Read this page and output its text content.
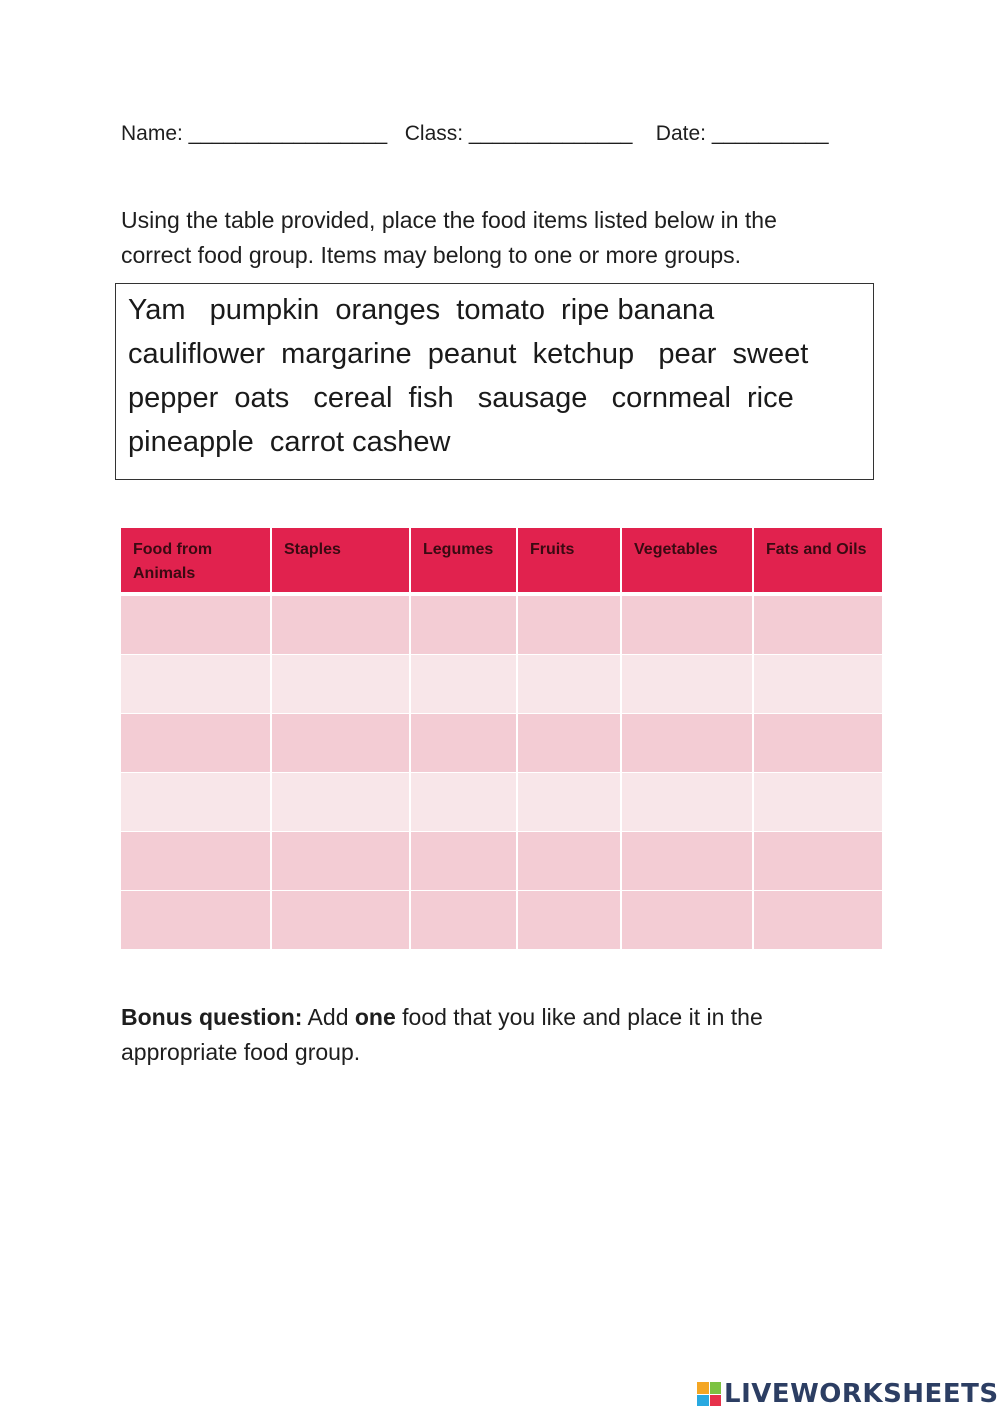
Name: _________________ Class: ______________ Date: __________
Using the table provided, place the food items listed below in the
correct food group. Items may belong to one or more groups.
Yam   pumpkin  oranges  tomato  ripe banana
cauliflower  margarine  peanut  ketchup   pear  sweet
pepper  oats   cereal  fish   sausage   cornmeal  rice
pineapple  carrot cashew
Food from Animals	Staples	Legumes	Fruits	Vegetables	Fats and Oils

Bonus question: Add one food that you like and place it in the
appropriate food group.
LIVEWORKSHEETS
